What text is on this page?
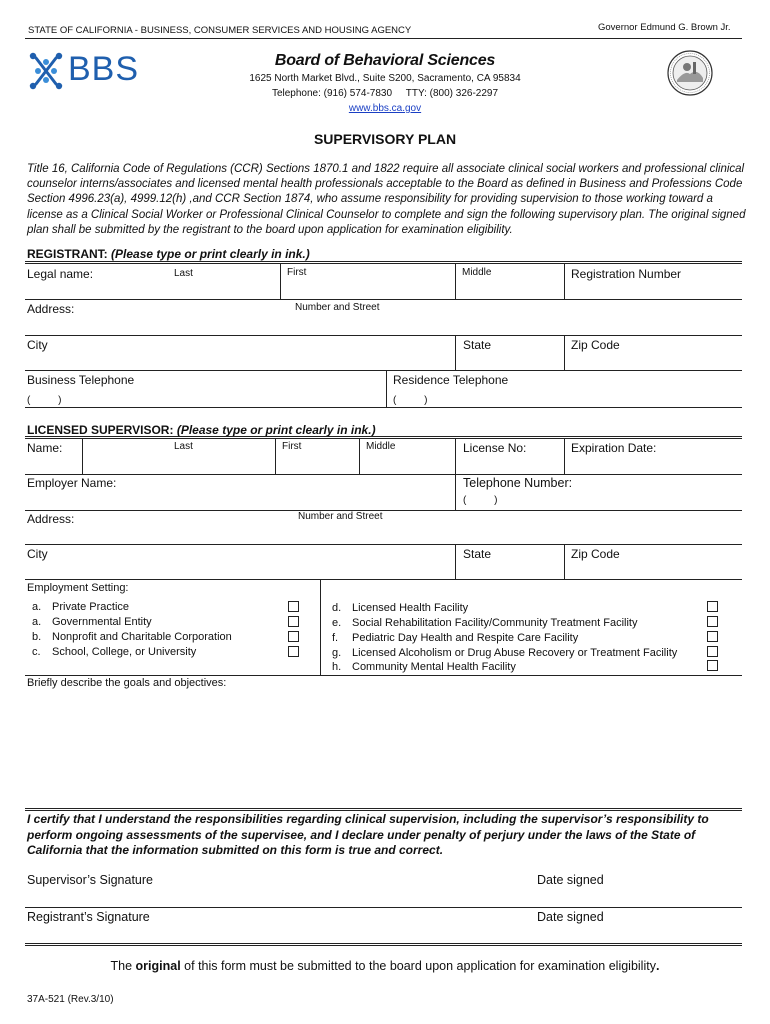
STATE OF CALIFORNIA - BUSINESS, CONSUMER SERVICES AND HOUSING AGENCY	Governor Edmund G. Brown Jr.
BBS	Board of Behavioral Sciences
1625 North Market Blvd., Suite S200, Sacramento, CA 95834
Telephone: (916) 574-7830     TTY: (800) 326-2297
www.bbs.ca.gov
SUPERVISORY PLAN
Title 16, California Code of Regulations (CCR) Sections 1870.1 and 1822 require all associate clinical social workers and professional clinical
counselor interns/associates and licensed mental health professionals acceptable to the Board as defined in Business and Professions Code
Section 4996.23(a), 4999.12(h) ,and CCR Section 1874, who assume responsibility for providing supervision to those working toward a
license as a Clinical Social Worker or Professional Clinical Counselor to complete and sign the following supervisory plan. The original signed
plan shall be submitted by the registrant to the board upon application for examination eligibility.
REGISTRANT: (Please type or print clearly in ink.)
Legal name:	Last	First	Middle	Registration Number
Address:	Number and Street
City	State	Zip Code
Business Telephone
(          )
Residence Telephone
(          )
LICENSED SUPERVISOR: (Please type or print clearly in ink.)
Name:	Last	First	Middle	License No:	Expiration Date:
Employer Name:	Telephone Number:
(          )
Address:	Number and Street
City	State	Zip Code
Employment Setting:
a. Private Practice
a. Governmental Entity
b. Nonprofit and Charitable Corporation
c. School, College, or University
d. Licensed Health Facility
e. Social Rehabilitation Facility/Community Treatment Facility
f. Pediatric Day Health and Respite Care Facility
g. Licensed Alcoholism or Drug Abuse Recovery or Treatment Facility
h. Community Mental Health Facility
Briefly describe the goals and objectives:
I certify that I understand the responsibilities regarding clinical supervision, including the supervisor’s responsibility to
perform ongoing assessments of the supervisee, and I declare under penalty of perjury under the laws of the State of
California that the information submitted on this form is true and correct.
Supervisor’s Signature	Date signed
Registrant’s Signature	Date signed
The original of this form must be submitted to the board upon application for examination eligibility.
37A-521 (Rev.3/10)
